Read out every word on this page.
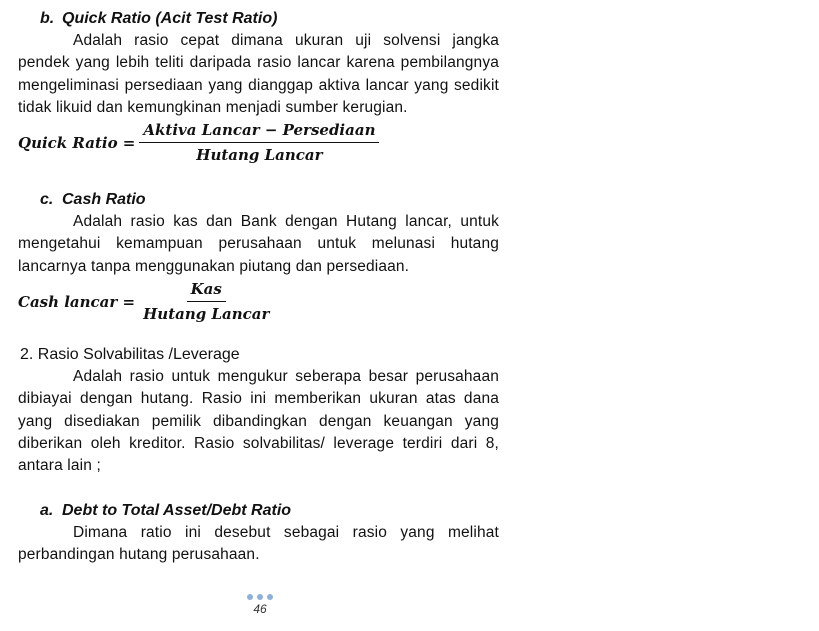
b. Quick Ratio (Acit Test Ratio)

Adalah rasio cepat dimana ukuran uji solvensi jangka pendek yang lebih teliti daripada rasio lancar karena pembilangnya mengeliminasi persediaan yang dianggap aktiva lancar yang sedikit tidak likuid dan kemungkinan menjadi sumber kerugian.

Quick Ratio = $\frac{\text{Aktiva Lancar − Persediaan}}{\text{Hutang Lancar}}$
c. Cash Ratio

Adalah rasio kas dan Bank dengan Hutang lancar, untuk mengetahui kemampuan perusahaan untuk melunasi hutang lancarnya tanpa menggunakan piutang dan persediaan.

Cash lancar = $\frac{\text{Kas}}{\text{Hutang Lancar}}$
2. Rasio Solvabilitas /Leverage

Adalah rasio untuk mengukur seberapa besar perusahaan dibiayai dengan hutang. Rasio ini memberikan ukuran atas dana yang disediakan pemilik dibandingkan dengan keuangan yang diberikan oleh kreditor. Rasio solvabilitas/ leverage terdiri dari 8, antara lain ;

a. Debt to Total Asset/Debt Ratio

Dimana ratio ini desebut sebagai rasio yang melihat perbandingan hutang perusahaan.

46
